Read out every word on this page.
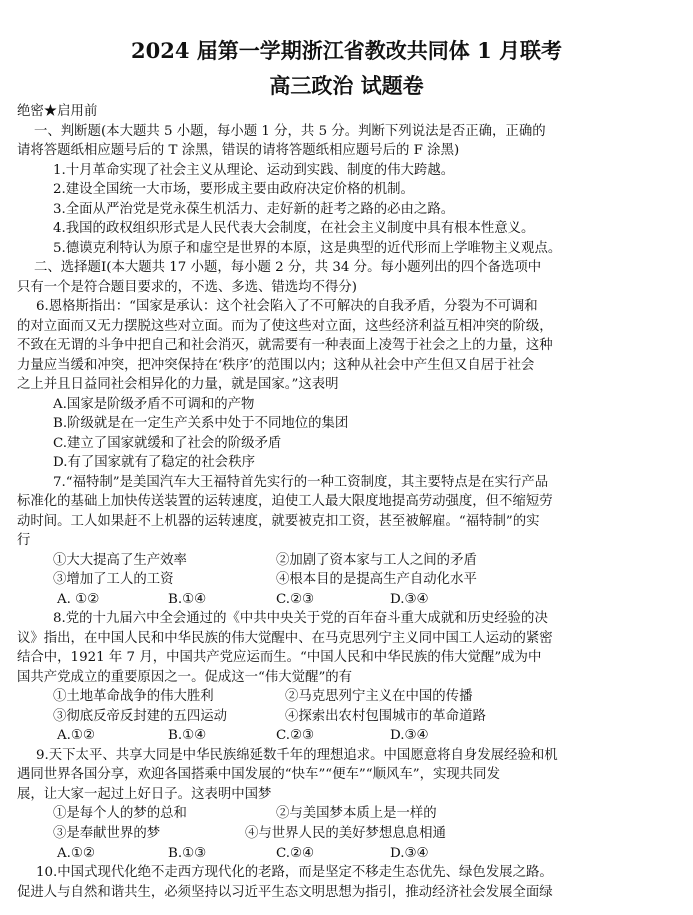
绝密★启用前
2024 届第一学期浙江省教改共同体 1 月联考
高三政治 试题卷
一、判断题(本大题共 5 小题，每小题 1 分，共 5 分。判断下列说法是否正确，正确的
请将答题纸相应题号后的 T 涂黑，错误的请将答题纸相应题号后的 F 涂黑)
1.十月革命实现了社会主义从理论、运动到实践、制度的伟大跨越。
2.建设全国统一大市场，要形成主要由政府决定价格的机制。
3.全面从严治党是党永葆生机活力、走好新的赶考之路的必由之路。
4.我国的政权组织形式是人民代表大会制度，在社会主义制度中具有根本性意义。
5.德谟克利特认为原子和虚空是世界的本原，这是典型的近代形而上学唯物主义观点。
二、选择题Ⅰ(本大题共 17 小题，每小题 2 分，共 34 分。每小题列出的四个备选项中
只有一个是符合题目要求的，不选、多选、错选均不得分)
6.恩格斯指出：“国家是承认：这个社会陷入了不可解决的自我矛盾，分裂为不可调和
的对立面而又无力摆脱这些对立面。而为了使这些对立面，这些经济利益互相冲突的阶级，
不致在无谓的斗争中把自己和社会消灭，就需要有一种表面上凌驾于社会之上的力量，这种
力量应当缓和冲突，把冲突保持在‘秩序’的范围以内；这种从社会中产生但又自居于社会
之上并且日益同社会相异化的力量，就是国家。”这表明
A.国家是阶级矛盾不可调和的产物
B.阶级就是在一定生产关系中处于不同地位的集团
C.建立了国家就缓和了社会的阶级矛盾
D.有了国家就有了稳定的社会秩序
7.“福特制”是美国汽车大王福特首先实行的一种工资制度，其主要特点是在实行产品
标准化的基础上加快传送装置的运转速度，迫使工人最大限度地提高劳动强度，但不缩短劳
动时间。工人如果赶不上机器的运转速度，就要被克扣工资，甚至被解雇。“福特制”的实
行
①大大提高了生产效率	②加剧了资本家与工人之间的矛盾
③增加了工人的工资	④根本目的是提高生产自动化水平
A. ①②	B.①④	C.②③	D.③④
8.党的十九届六中全会通过的《中共中央关于党的百年奋斗重大成就和历史经验的决
议》指出，在中国人民和中华民族的伟大觉醒中、在马克思列宁主义同中国工人运动的紧密
结合中，1921 年 7 月，中国共产党应运而生。“中国人民和中华民族的伟大觉醒”成为中
国共产党成立的重要原因之一。促成这一“伟大觉醒”的有
①土地革命战争的伟大胜利	②马克思列宁主义在中国的传播
③彻底反帝反封建的五四运动	④探索出农村包围城市的革命道路
A.①②	B.①④	C.②③	D.③④
9.天下太平、共享大同是中华民族绵延数千年的理想追求。中国愿意将自身发展经验和机
遇同世界各国分享，欢迎各国搭乘中国发展的“快车”“便车”“顺风车”，实现共同发
展，让大家一起过上好日子。这表明中国梦
①是每个人的梦的总和	②与美国梦本质上是一样的
③是奉献世界的梦	④与世界人民的美好梦想息息相通
A.①②	B.①③	C.②④	D.③④
10.中国式现代化绝不走西方现代化的老路，而是坚定不移走生态优先、绿色发展之路。
促进人与自然和谐共生，必须坚持以习近平生态文明思想为指引，推动经济社会发展全面绿
